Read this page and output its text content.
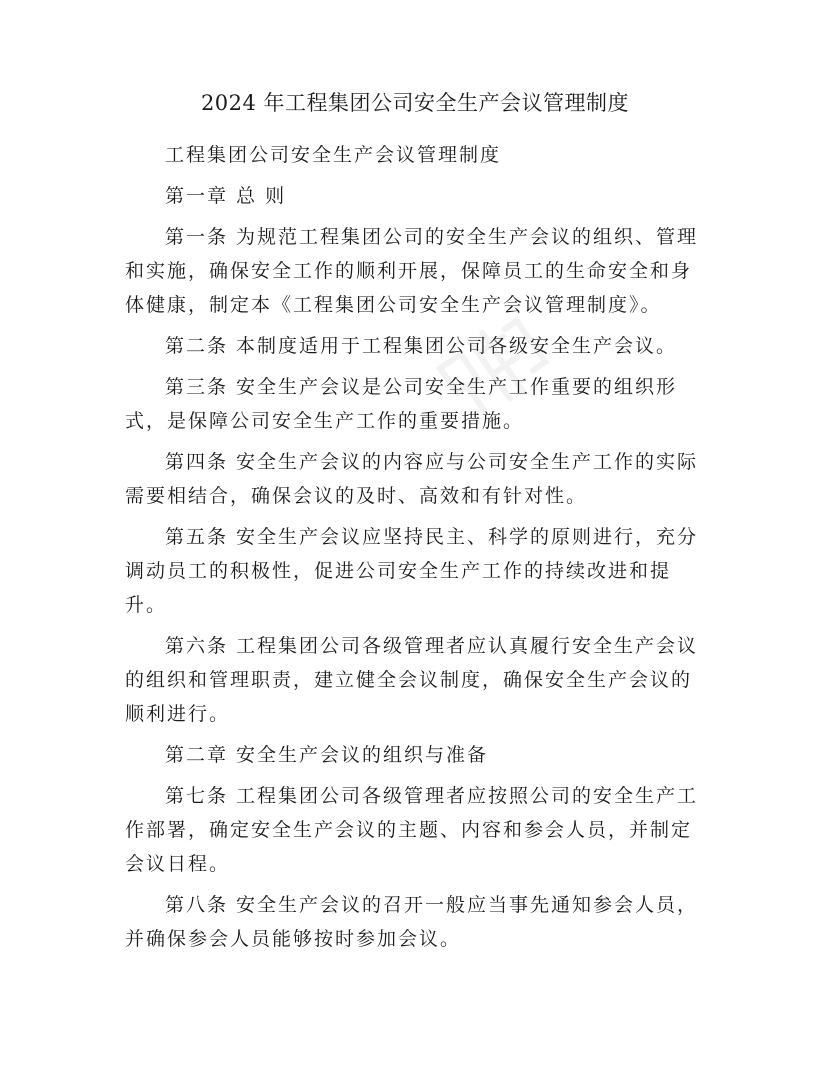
2024 年工程集团公司安全生产会议管理制度

工程集团公司安全生产会议管理制度

第一章 总 则

第一条 为规范工程集团公司的安全生产会议的组织、管理和实施，确保安全工作的顺利开展，保障员工的生命安全和身体健康，制定本《工程集团公司安全生产会议管理制度》。

第二条 本制度适用于工程集团公司各级安全生产会议。

第三条 安全生产会议是公司安全生产工作重要的组织形式，是保障公司安全生产工作的重要措施。

第四条 安全生产会议的内容应与公司安全生产工作的实际需要相结合，确保会议的及时、高效和有针对性。

第五条 安全生产会议应坚持民主、科学的原则进行，充分调动员工的积极性，促进公司安全生产工作的持续改进和提升。

第六条 工程集团公司各级管理者应认真履行安全生产会议的组织和管理职责，建立健全会议制度，确保安全生产会议的顺利进行。

第二章 安全生产会议的组织与准备

第七条 工程集团公司各级管理者应按照公司的安全生产工作部署，确定安全生产会议的主题、内容和参会人员，并制定会议日程。

第八条 安全生产会议的召开一般应当事先通知参会人员，并确保参会人员能够按时参加会议。
